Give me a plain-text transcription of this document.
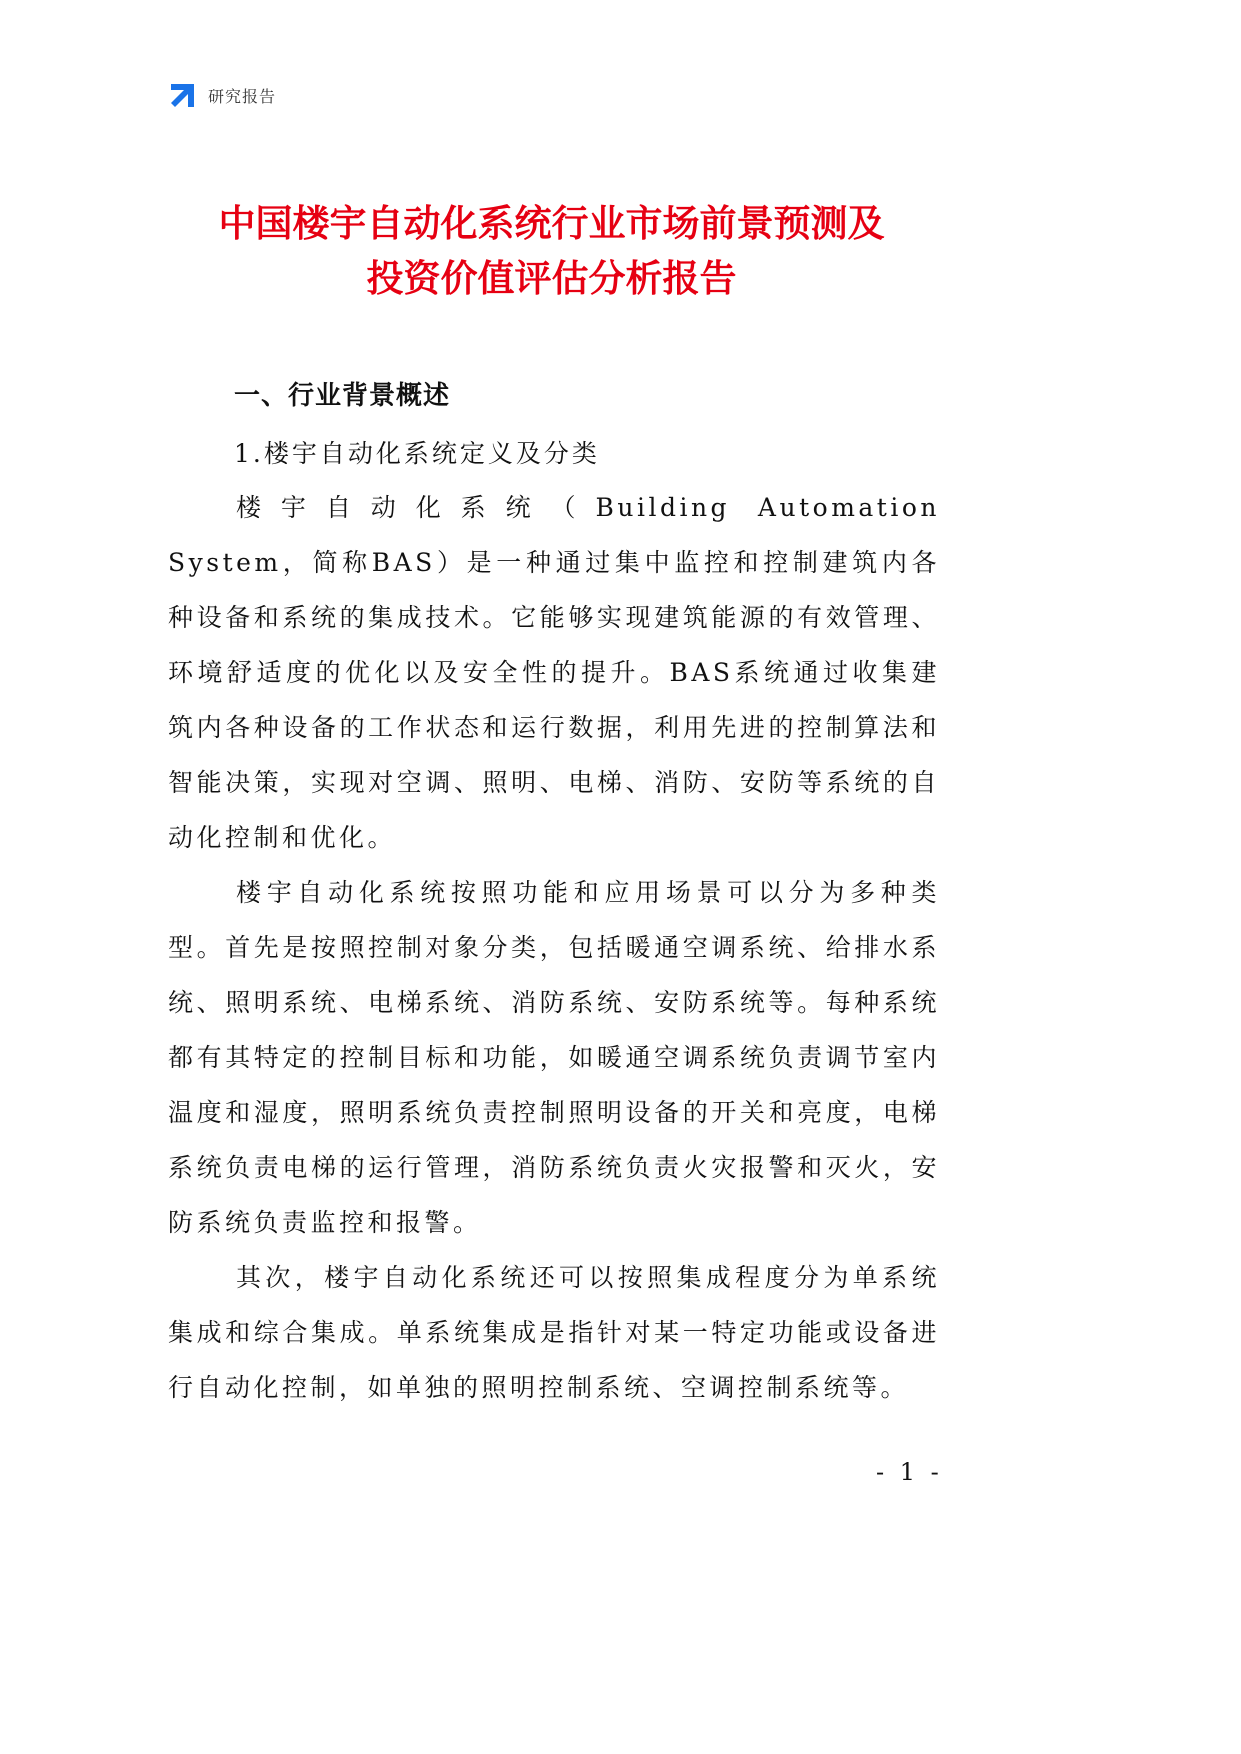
研究报告
中国楼宇自动化系统行业市场前景预测及
投资价值评估分析报告
一、行业背景概述
1.楼宇自动化系统定义及分类

楼宇自动化系统（Building Automation System，简称BAS）是一种通过集中监控和控制建筑内各种设备和系统的集成技术。它能够实现建筑能源的有效管理、环境舒适度的优化以及安全性的提升。BAS系统通过收集建筑内各种设备的工作状态和运行数据，利用先进的控制算法和智能决策，实现对空调、照明、电梯、消防、安防等系统的自动化控制和优化。

楼宇自动化系统按照功能和应用场景可以分为多种类型。首先是按照控制对象分类，包括暖通空调系统、给排水系统、照明系统、电梯系统、消防系统、安防系统等。每种系统都有其特定的控制目标和功能，如暖通空调系统负责调节室内温度和湿度，照明系统负责控制照明设备的开关和亮度，电梯系统负责电梯的运行管理，消防系统负责火灾报警和灭火，安防系统负责监控和报警。

其次，楼宇自动化系统还可以按照集成程度分为单系统集成和综合集成。单系统集成是指针对某一特定功能或设备进行自动化控制，如单独的照明控制系统、空调控制系统等。

- 1 -
